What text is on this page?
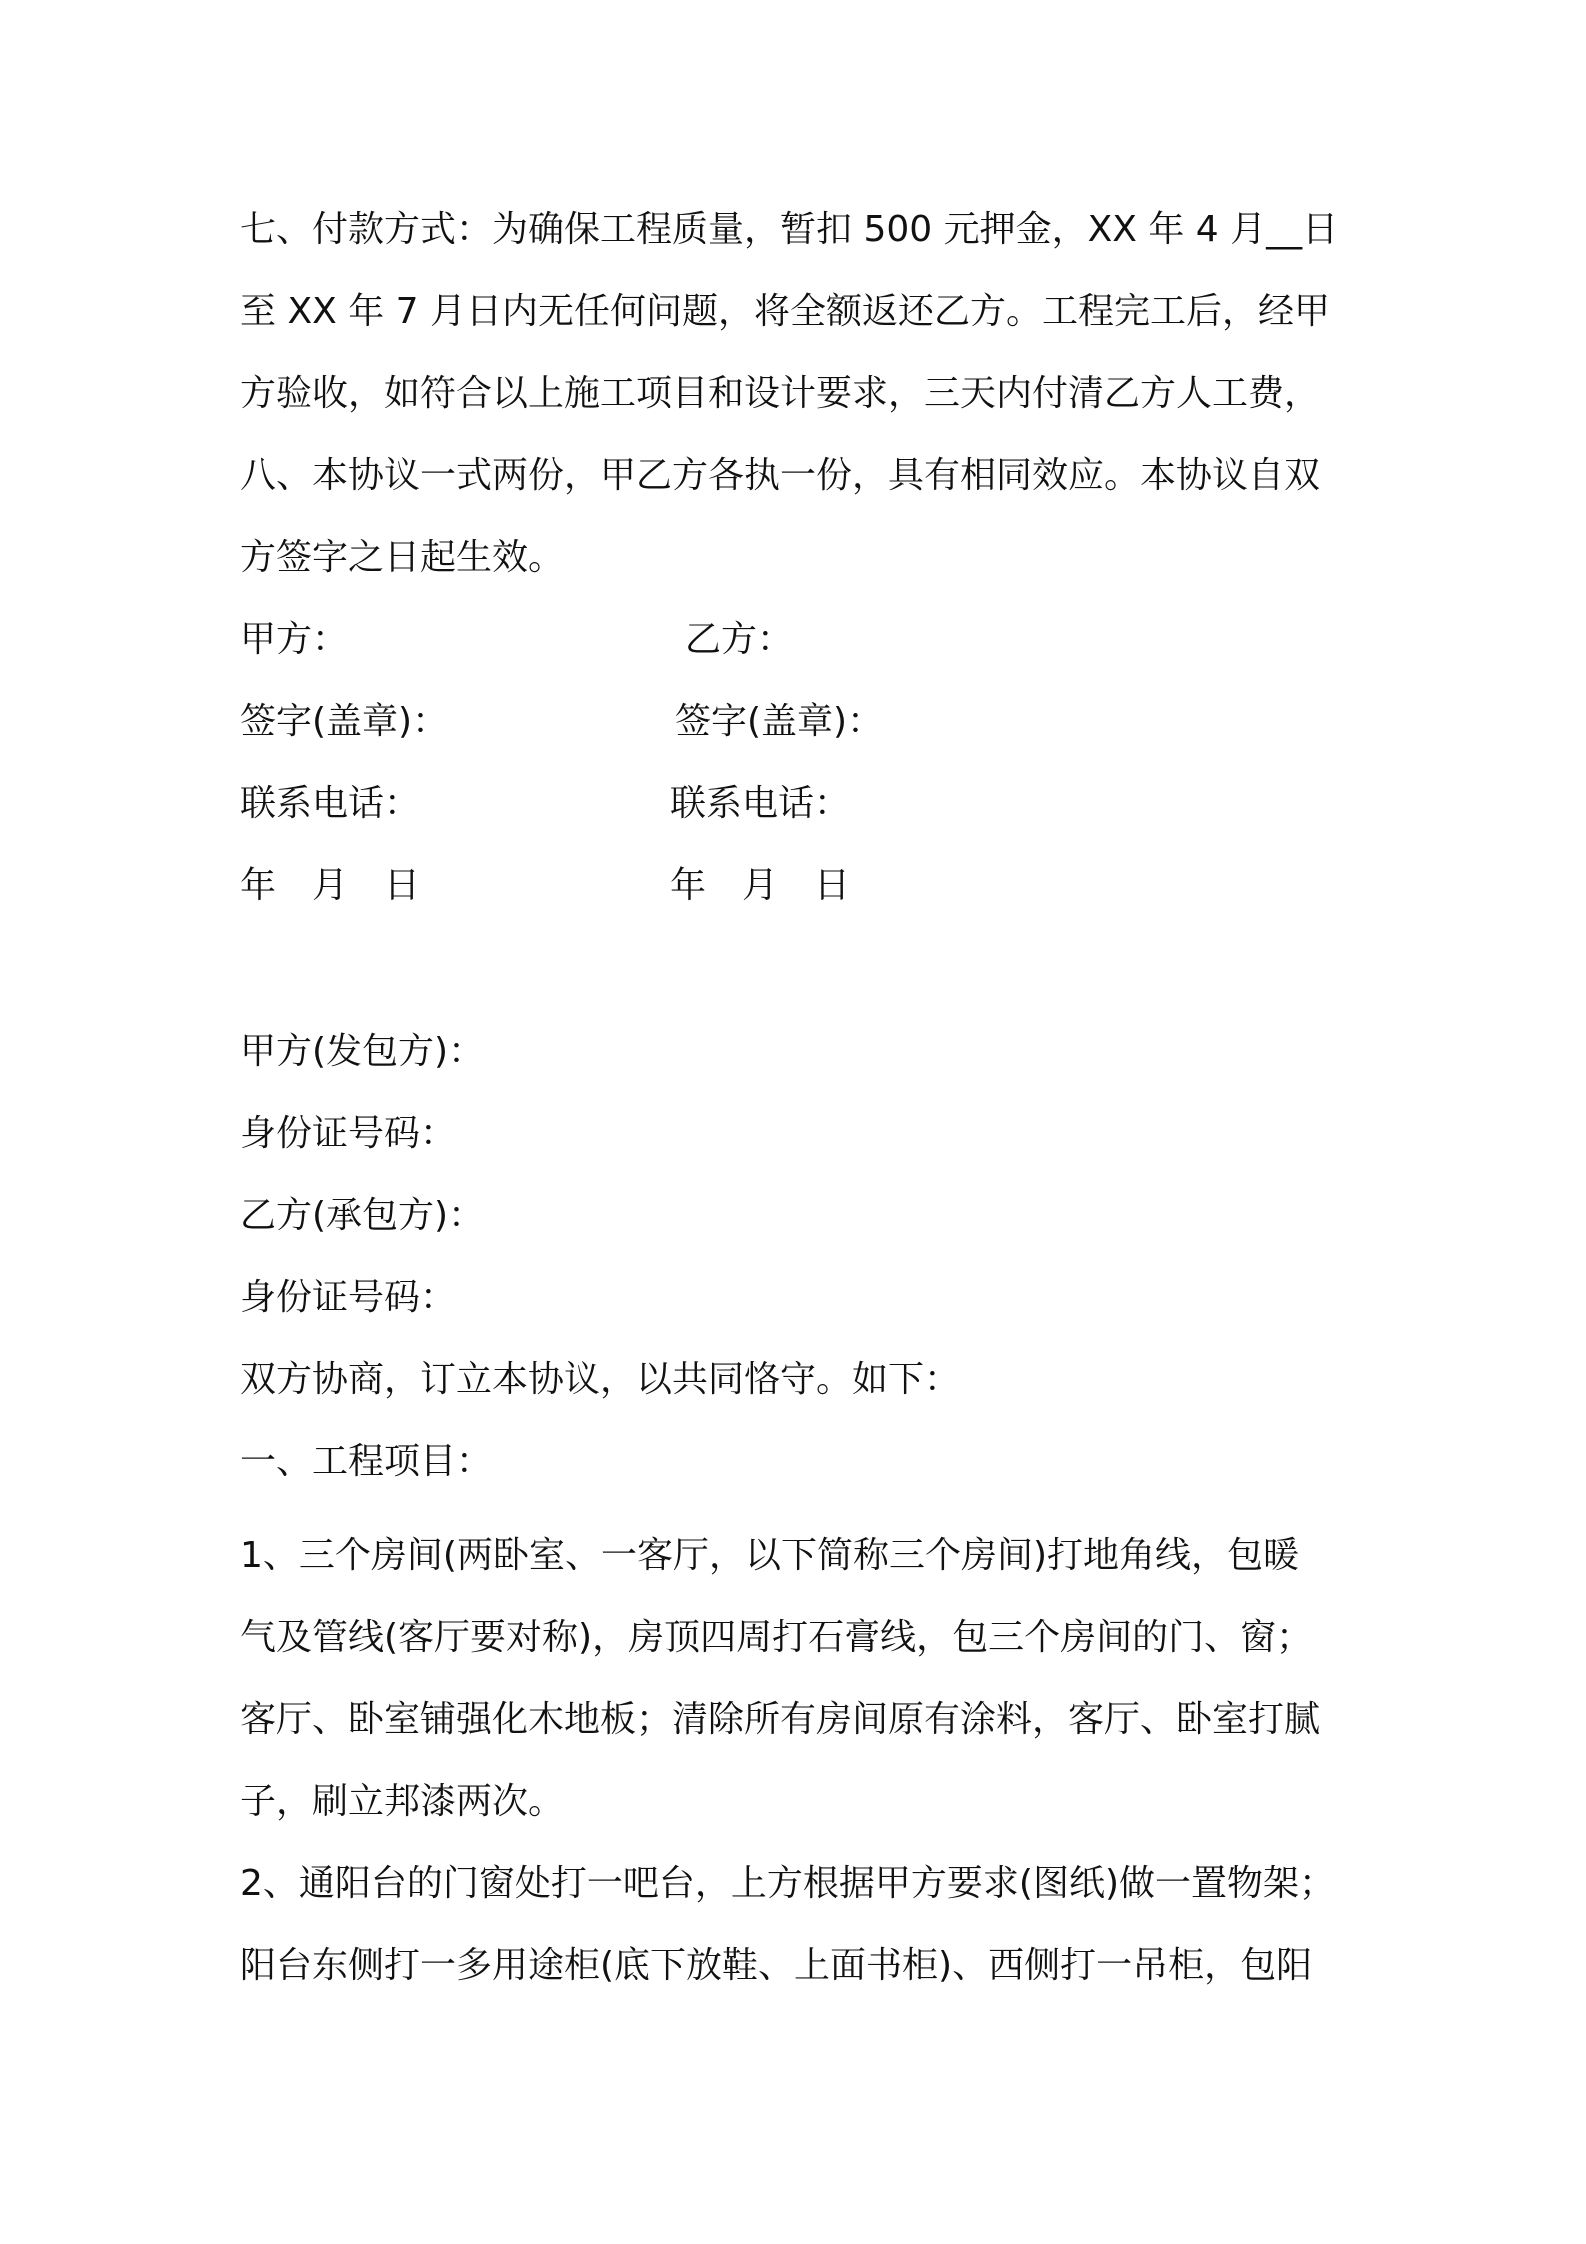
七、付款方式：为确保工程质量，暂扣 500 元押金，XX 年 4 月__日
至 XX 年 7 月日内无任何问题，将全额返还乙方。工程完工后，经甲
方验收，如符合以上施工项目和设计要求，三天内付清乙方人工费，
八、本协议一式两份，甲乙方各执一份，具有相同效应。本协议自双
方签字之日起生效。
甲方：	乙方：
签字(盖章)：	签字(盖章)：
联系电话：	联系电话：
年　月　日	年　月　日
甲方(发包方)：
身份证号码：
乙方(承包方)：
身份证号码：
双方协商，订立本协议，以共同恪守。如下：
一、工程项目：
1、三个房间(两卧室、一客厅，以下简称三个房间)打地角线，包暖
气及管线(客厅要对称)，房顶四周打石膏线，包三个房间的门、窗；
客厅、卧室铺强化木地板；清除所有房间原有涂料，客厅、卧室打腻
子，刷立邦漆两次。
2、通阳台的门窗处打一吧台，上方根据甲方要求(图纸)做一置物架；
阳台东侧打一多用途柜(底下放鞋、上面书柜)、西侧打一吊柜，包阳
